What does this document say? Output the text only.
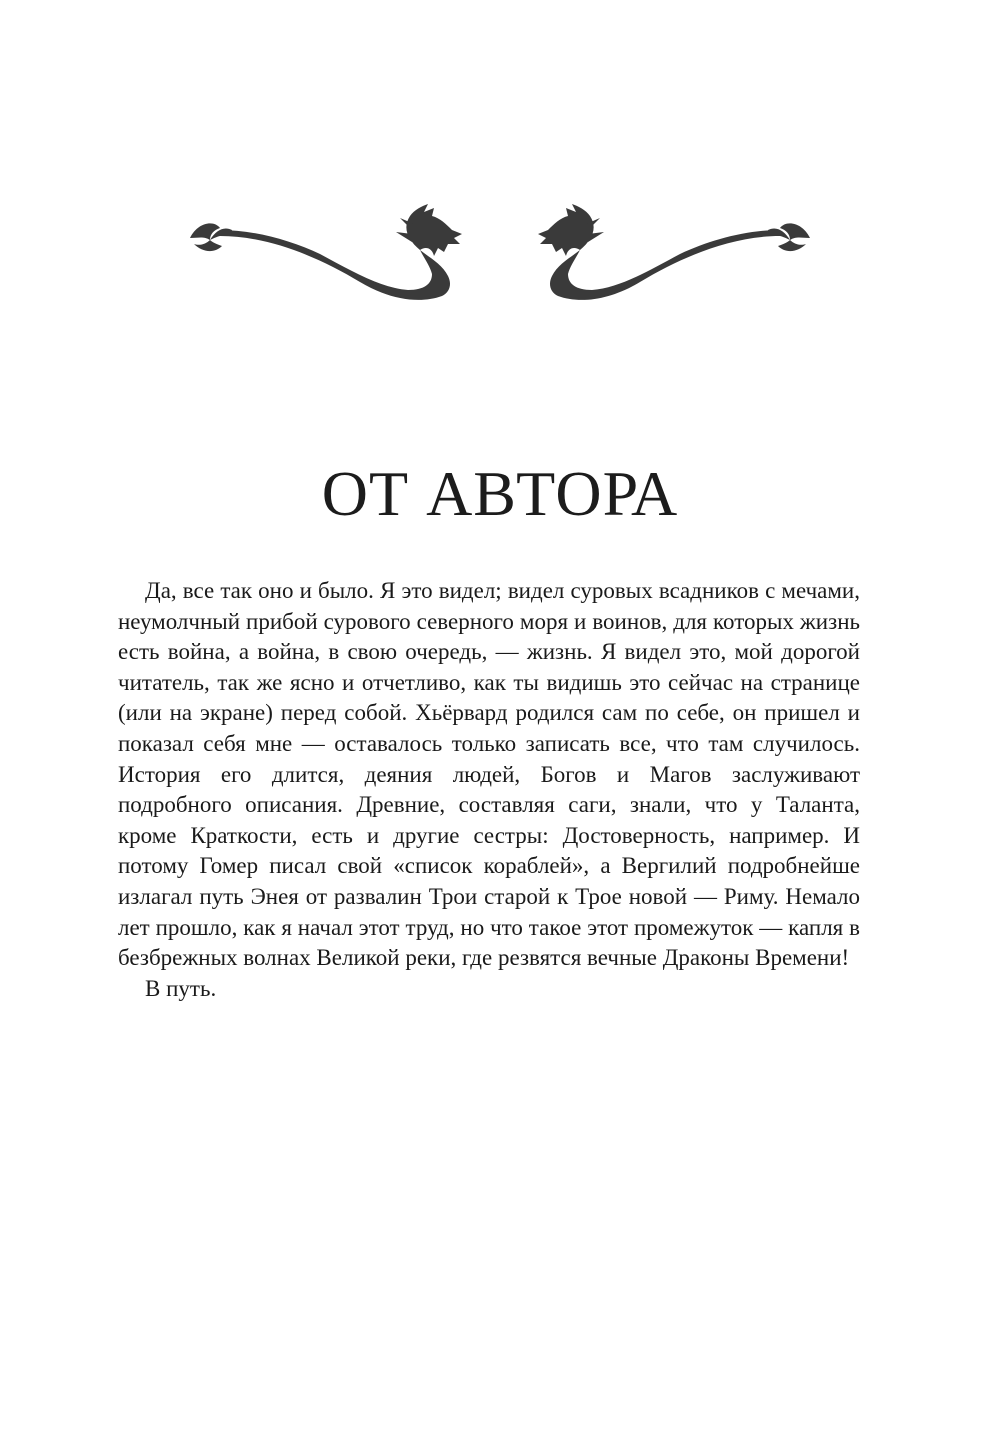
ОТ АВТОРА

Да, все так оно и было. Я это видел; видел суровых всадников с мечами, неумолчный прибой сурового северного моря и воинов, для которых жизнь есть война, а война, в свою очередь, — жизнь. Я видел это, мой дорогой читатель, так же ясно и отчетливо, как ты видишь это сейчас на странице (или на экране) перед собой. Хьёрвард родился сам по себе, он пришел и показал себя мне — оставалось только записать все, что там случилось. История его длится, деяния людей, Богов и Магов заслуживают подробного описания. Древние, составляя саги, знали, что у Таланта, кроме Краткости, есть и другие сестры: Достоверность, например. И потому Гомер писал свой «список кораблей», а Вергилий подробнейше излагал путь Энея от развалин Трои старой к Трое новой — Риму. Немало лет прошло, как я начал этот труд, но что такое этот промежуток — капля в безбрежных волнах Великой реки, где резвятся вечные Драконы Времени!

В путь.
